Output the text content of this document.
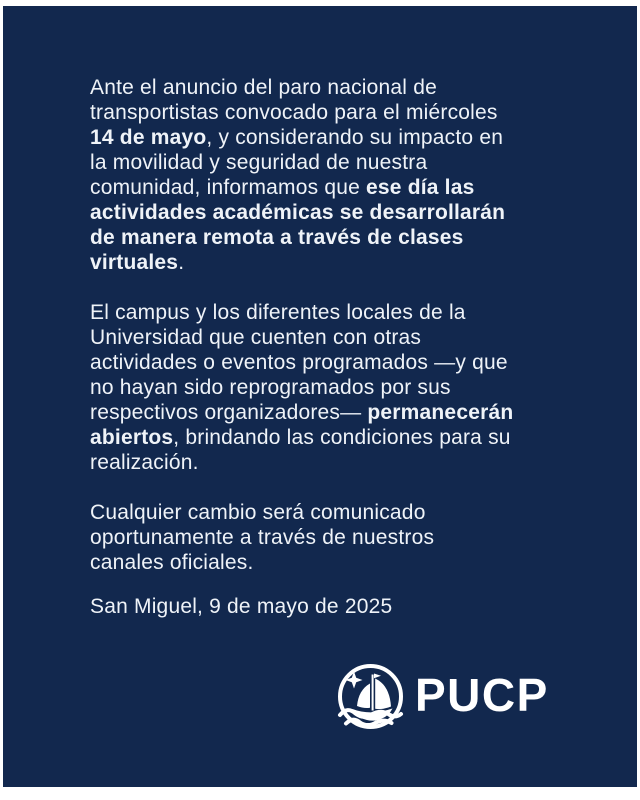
Ante el anuncio del paro nacional de
transportistas convocado para el miércoles
14 de mayo, y considerando su impacto en
la movilidad y seguridad de nuestra
comunidad, informamos que ese día las
actividades académicas se desarrollarán
de manera remota a través de clases
virtuales.
El campus y los diferentes locales de la
Universidad que cuenten con otras
actividades o eventos programados —y que
no hayan sido reprogramados por sus
respectivos organizadores— permanecerán
abiertos, brindando las condiciones para su
realización.
Cualquier cambio será comunicado
oportunamente a través de nuestros
canales oficiales.
San Miguel, 9 de mayo de 2025
PUCP
